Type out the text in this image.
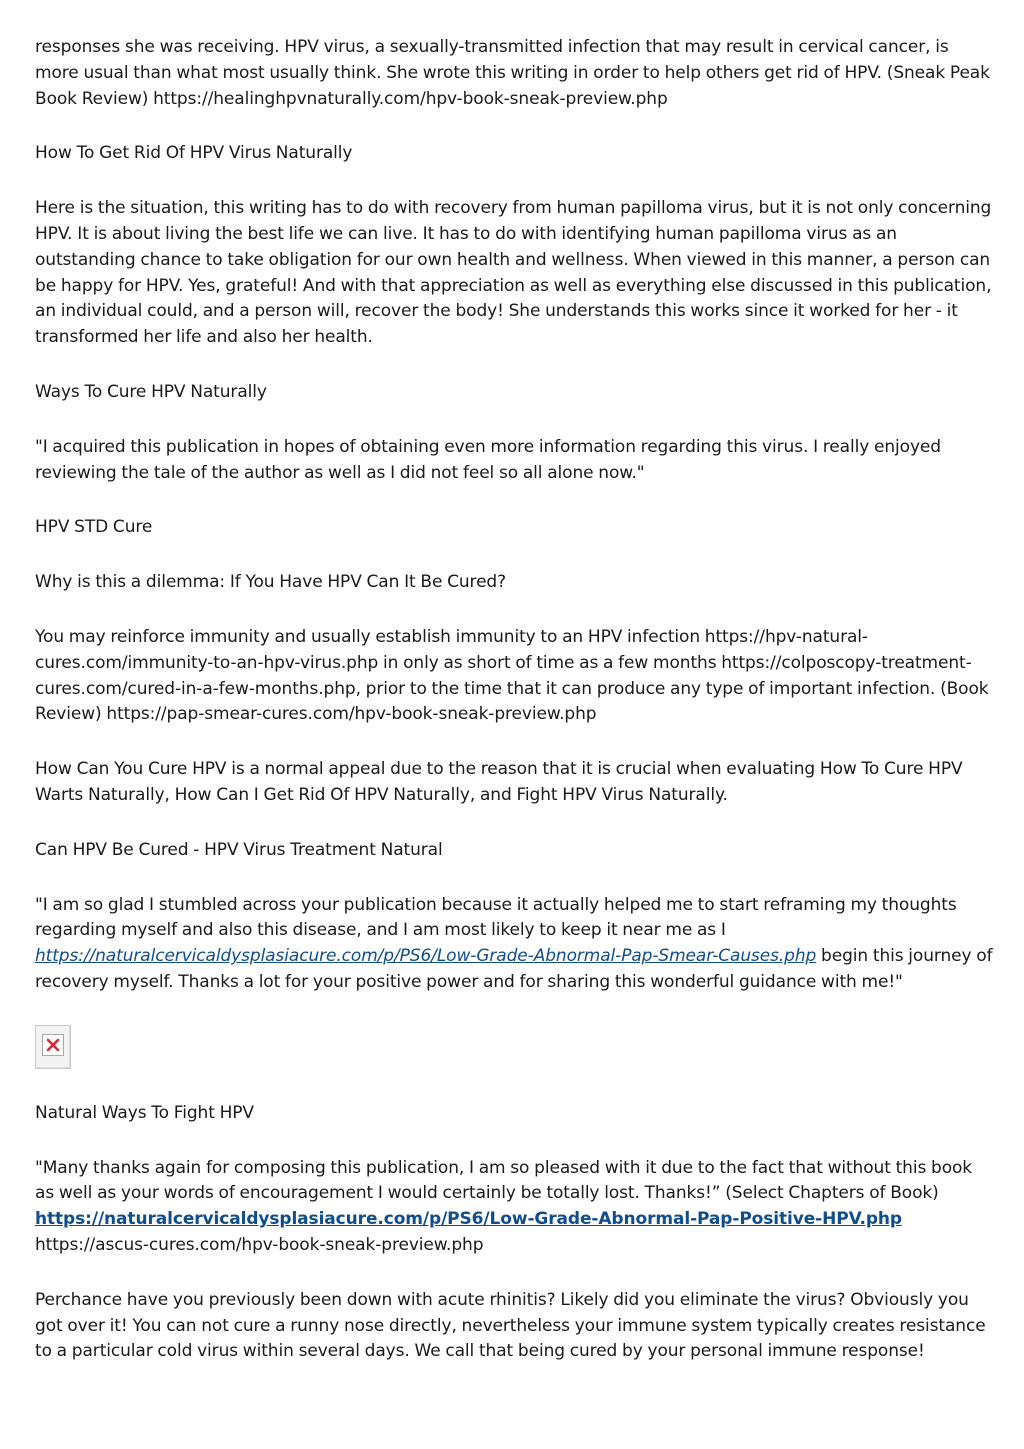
responses she was receiving. HPV virus, a sexually-transmitted infection that may result in cervical cancer, is more usual than what most usually think. She wrote this writing in order to help others get rid of HPV. (Sneak Peak Book Review) https://healinghpvnaturally.com/hpv-book-sneak-preview.php

How To Get Rid Of HPV Virus Naturally

Here is the situation, this writing has to do with recovery from human papilloma virus, but it is not only concerning HPV. It is about living the best life we can live. It has to do with identifying human papilloma virus as an outstanding chance to take obligation for our own health and wellness. When viewed in this manner, a person can be happy for HPV. Yes, grateful! And with that appreciation as well as everything else discussed in this publication, an individual could, and a person will, recover the body! She understands this works since it worked for her - it transformed her life and also her health.

Ways To Cure HPV Naturally

"I acquired this publication in hopes of obtaining even more information regarding this virus. I really enjoyed reviewing the tale of the author as well as I did not feel so all alone now."

HPV STD Cure

Why is this a dilemma: If You Have HPV Can It Be Cured?

You may reinforce immunity and usually establish immunity to an HPV infection https://hpv-natural-cures.com/immunity-to-an-hpv-virus.php in only as short of time as a few months https://colposcopy-treatment-cures.com/cured-in-a-few-months.php, prior to the time that it can produce any type of important infection. (Book Review) https://pap-smear-cures.com/hpv-book-sneak-preview.php

How Can You Cure HPV is a normal appeal due to the reason that it is crucial when evaluating How To Cure HPV Warts Naturally, How Can I Get Rid Of HPV Naturally, and Fight HPV Virus Naturally.

Can HPV Be Cured - HPV Virus Treatment Natural

"I am so glad I stumbled across your publication because it actually helped me to start reframing my thoughts regarding myself and also this disease, and I am most likely to keep it near me as I https://naturalcervicaldysplasiacure.com/p/PS6/Low-Grade-Abnormal-Pap-Smear-Causes.php begin this journey of recovery myself. Thanks a lot for your positive power and for sharing this wonderful guidance with me!"

Natural Ways To Fight HPV

"Many thanks again for composing this publication, I am so pleased with it due to the fact that without this book as well as your words of encouragement I would certainly be totally lost. Thanks!” (Select Chapters of Book) https://naturalcervicaldysplasiacure.com/p/PS6/Low-Grade-Abnormal-Pap-Positive-HPV.php https://ascus-cures.com/hpv-book-sneak-preview.php

Perchance have you previously been down with acute rhinitis? Likely did you eliminate the virus? Obviously you got over it! You can not cure a runny nose directly, nevertheless your immune system typically creates resistance to a particular cold virus within several days. We call that being cured by your personal immune response!
